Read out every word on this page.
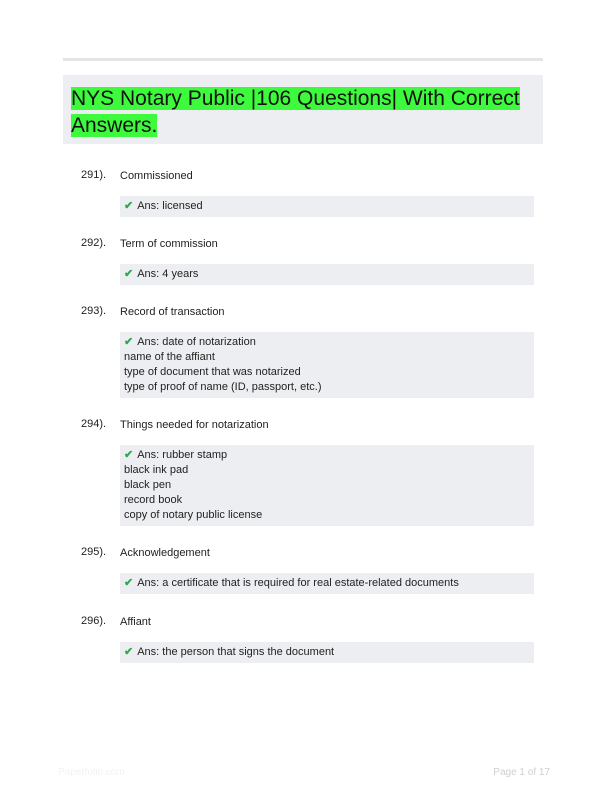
NYS Notary Public |106 Questions| With Correct Answers.
291). Commissioned
✔ Ans: licensed
292). Term of commission
✔ Ans: 4 years
293). Record of transaction
✔ Ans: date of notarization
name of the affiant
type of document that was notarized
type of proof of name (ID, passport, etc.)
294). Things needed for notarization
✔ Ans: rubber stamp
black ink pad
black pen
record book
copy of notary public license
295). Acknowledgement
✔ Ans: a certificate that is required for real estate-related documents
296). Affiant
✔ Ans: the person that signs the document
Paperfolio.com	Page 1 of 17
